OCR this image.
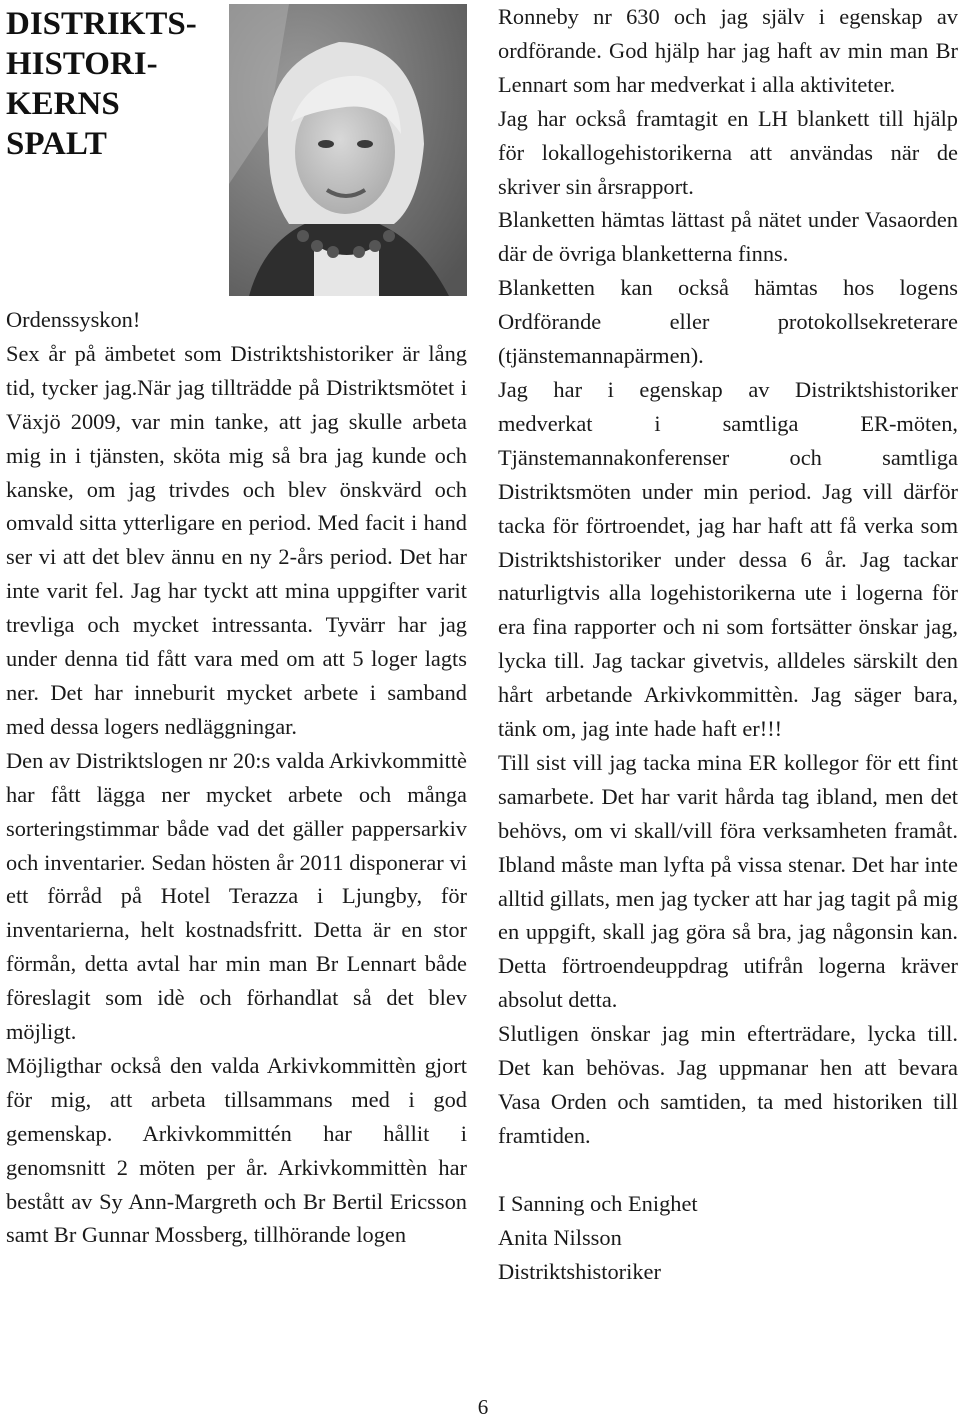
DISTRIKTS-
HISTORI-
KERNS
SPALT

Ordenssyskon!

Sex år på ämbetet som Distriktshistoriker är lång tid, tycker jag.När jag tillträdde på Distriktsmötet i Växjö 2009, var min tanke, att jag skulle arbeta mig in i tjänsten, sköta mig så bra jag kunde och kanske, om jag trivdes och blev önskvärd och omvald sitta ytterligare en period. Med facit i hand ser vi att det blev ännu en ny 2-års period. Det har inte varit fel. Jag har tyckt att mina uppgifter varit trevliga och mycket intressanta. Tyvärr har jag under denna tid fått vara med om att 5 loger lagts ner. Det har inneburit mycket arbete i samband med dessa logers nedläggningar.

Den av Distriktslogen nr 20:s valda Arkivkommittè har fått lägga ner mycket arbete och många sorteringstimmar både vad det gäller pappersarkiv och inventarier. Sedan hösten år 2011 disponerar vi ett förråd på Hotel Terazza i Ljungby, för inventarierna, helt kostnadsfritt. Detta är en stor förmån, detta avtal har min man Br Lennart både föreslagit som idè och förhandlat så det blev möjligt.

Möjligthar också den valda Arkivkommittèn gjort för mig, att arbeta tillsammans med i god gemenskap. Arkivkommittén har hållit i genomsnitt 2 möten per år. Arkivkommittèn har bestått av Sy Ann-Margreth och Br Bertil Ericsson samt Br Gunnar Mossberg, tillhörande logen

Ronneby nr 630 och jag själv i egenskap av ordförande. God hjälp har jag haft av min man Br Lennart som har medverkat i alla aktiviteter.

Jag har också framtagit en LH blankett till hjälp för lokallogehistorikerna att användas när de skriver sin årsrapport.

Blanketten hämtas lättast på nätet under Vasaorden där de övriga blanketterna finns.

Blanketten kan också hämtas hos logens Ordförande eller protokollsekreterare (tjänstemannapärmen).

Jag har i egenskap av Distriktshistoriker medverkat i samtliga ER-möten, Tjänstemannakonferenser och samtliga Distriktsmöten under min period. Jag vill därför tacka för förtroendet, jag har haft att få verka som Distriktshistoriker under dessa 6 år. Jag tackar naturligtvis alla logehistorikerna ute i logerna för era fina rapporter och ni som fortsätter önskar jag, lycka till. Jag tackar givetvis, alldeles särskilt den hårt arbetande Arkivkommittèn. Jag säger bara, tänk om, jag inte hade haft er!!!

Till sist vill jag tacka mina ER kollegor för ett fint samarbete. Det har varit hårda tag ibland, men det behövs, om vi skall/vill föra verksamheten framåt. Ibland måste man lyfta på vissa stenar. Det har inte alltid gillats, men jag tycker att har jag tagit på mig en uppgift, skall jag göra så bra, jag någonsin kan. Detta förtroendeuppdrag utifrån logerna kräver absolut detta.

Slutligen önskar jag min efterträdare, lycka till. Det kan behövas. Jag uppmanar hen att bevara Vasa Orden och samtiden, ta med historiken till framtiden.

I Sanning och Enighet
Anita Nilsson
Distriktshistoriker

6
